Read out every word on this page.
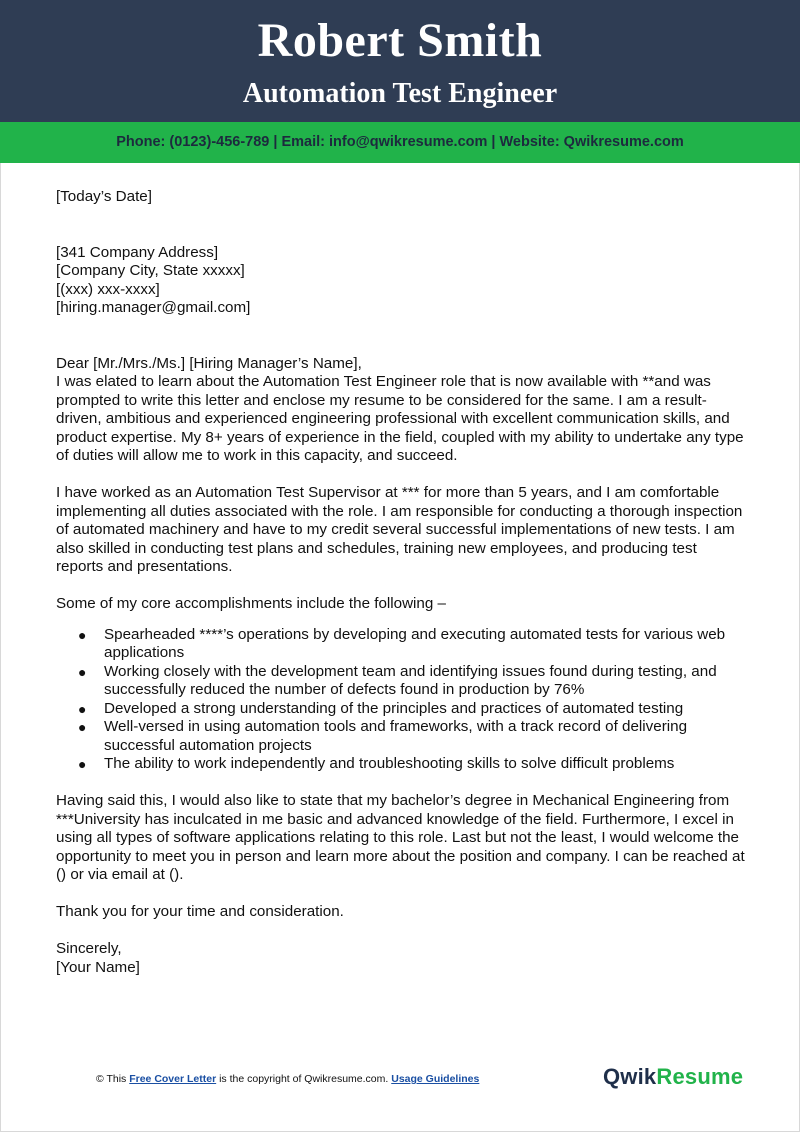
Robert Smith
Automation Test Engineer
Phone: (0123)-456-789 | Email: info@qwikresume.com | Website: Qwikresume.com

[Today’s Date]

[341 Company Address]

[Company City, State xxxxx]

[(xxx) xxx-xxxx]

[hiring.manager@gmail.com]

Dear [Mr./Mrs./Ms.] [Hiring Manager’s Name],

I was elated to learn about the Automation Test Engineer role that is now available with **and was prompted to write this letter and enclose my resume to be considered for the same. I am a result-driven, ambitious and experienced engineering professional with excellent communication skills, and product expertise. My 8+ years of experience in the field, coupled with my ability to undertake any type of duties will allow me to work in this capacity, and succeed.

I have worked as an Automation Test Supervisor at *** for more than 5 years, and I am comfortable implementing all duties associated with the role. I am responsible for conducting a thorough inspection of automated machinery and have to my credit several successful implementations of new tests. I am also skilled in conducting test plans and schedules, training new employees, and producing test reports and presentations.

Some of my core accomplishments include the following –

● Spearheaded ****’s operations by developing and executing automated tests for various web applications
● Working closely with the development team and identifying issues found during testing, and successfully reduced the number of defects found in production by 76%
● Developed a strong understanding of the principles and practices of automated testing
● Well-versed in using automation tools and frameworks, with a track record of delivering successful automation projects
● The ability to work independently and troubleshooting skills to solve difficult problems

Having said this, I would also like to state that my bachelor’s degree in Mechanical Engineering from ***University has inculcated in me basic and advanced knowledge of the field. Furthermore, I excel in using all types of software applications relating to this role. Last but not the least, I would welcome the opportunity to meet you in person and learn more about the position and company. I can be reached at () or via email at ().

Thank you for your time and consideration.

Sincerely,

[Your Name]

© This Free Cover Letter is the copyright of Qwikresume.com. Usage Guidelines	QwikResume
